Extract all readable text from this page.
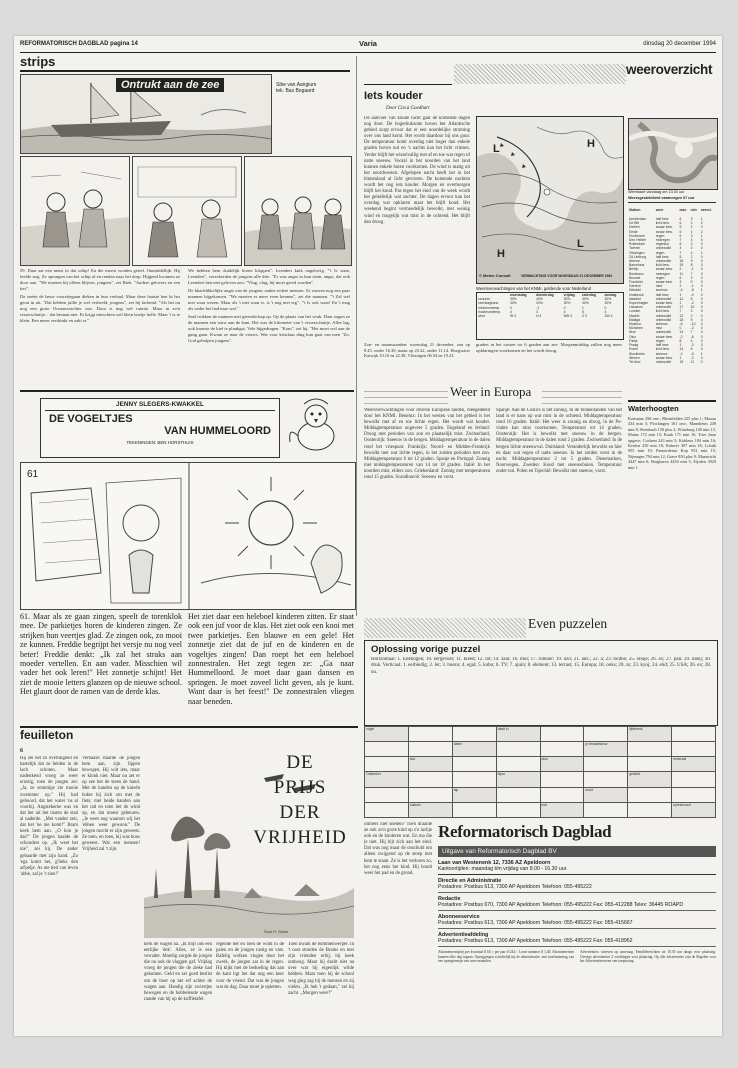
REFORMATORISCH DAGBLAD pagina 14	Varia	dinsdag 20 december 1994
strips
Ontrukt aan de zee	Sibe van Aangium
tek. Bas Bogaard

59. Daar zat een mens in dat schip! En die moest worden gered. Onmiddellijk. Hij leefde nog. Ze sprongen van het schip af en renden naar het dorp. Hijgend kwamen ze door aan. "We moeten hij alleen blijven, jongens", zei Riek. "Andere gelovers en een tier".

De zeeën de beste voorzitegaan dieken in hun verhaal. Maar deze laatste ben hi het gerat in uit. "Dat hebben jullie je wel verbeeld, jongens", zei hij lachend. "Als het nu nog een grote Oceaanvrachter was. Door is nog wel ruimte. Maar in zo'n visserschuitje... dat bestaat niet. Er krijgt misschien wel klein boeije holle. Maar 't is te klein. Een mens verdrinkt en zakt er."

We hebben hem duidelijk horen kloppen". Leendert knik ongelovig. "'t Is waar, Leendert", verzekerden de jongens alle drie. "Er was angst in hun stem, angst, dat ook Leendert hen niet geloven zou. "Vlug, vlug, hij moet gered worden".

De kharfdikkelijke angst van de jongens raakte iedere mensen. Er wurren nog een paar mannen bijgekomen. "We moeten er meer even kennen", zei die mannen. "'t Zal wel niet waar wezen. Maar als 't niet waar is, is 't nog niet erg". "'t Is ook waar! En 't mag als vader het had naar wal."

Snel trokken de mannen met gereedschap op. Op de plaats van het wrak. Daar zagen ze de mannen een touw aan de kant. Het was de kilometer van 't visserschuitje. Alles lag, ook knarste de kiel te plankgat. Vele bijgedragen. "Kom", zei hij. "Het moet wel aan de gang gaan. Kwam ze naar de vissers. Wat voor kristlaas ding hun gaat van men "Zo, God geholpen jongens".

weeroverzicht
Iets kouder
Door Cisca Goedhart
De aanvoer van koude lucht gaat de komende dagen nog door. De hogedrukzone boven het Atlantische gebied zorgt ervoor dat er een noordelijke stroming over ons land komt. Het wordt daardoor bij ons guur. De temperatuur komt overdag niet hoger dan enkele graden boven nul en 's nachts kan het licht vriezen. Verder blijft het wisselvallig met af en toe wat regen of natte sneeuw. Vooral in het noorden van het land kunnen enkele buien voorkomen. De wind is matig uit het noordwesten. Afgelopen nacht heeft het in het binnenland al licht gevroren. De komende nachten wordt het nog iets kouder. Morgen en overmorgen blijft het koud. Pas tegen het eind van de week wordt het geleidelijk wat zachter. De dagen ervoor kan het overdag wat opklaren maar het blijft koud. Het weekend begint vermoedelijk bewolkt, met weinig wind en mogelijk wat mist in de ochtend. Het blijft dan droog.
L	H
H
L
© Meteo Consult	VERWACHTING VOOR WOENSDAG 21 DECEMBER 1994
Weersverwachtingen van het KNMI, geldende voor Nederland
	woensdag	donderdag	vrijdag	zaterdag	zondag
zonuren	30%	40%	30%	30%	30%
neerslagkans	30%	20%	30%	40%	30%
minimumtemp.	0	-1	0	1	0
maximumtemp.	4	3	4	5	4
wind	W 3	N 4	NW 3	Z 3	ZW 4
Zon- en maansstanden: woensdag 21 december, zon op 8.45, onder 16.30; maan op 23.22, onder 11.14. Hoogwater Katwijk 10.10 en 22.38, Vlissingen 06.54 en 19.23.
graden in het oosten tot 6 graden aan zee. Morgenmiddag zullen nog meer opklaringen voorkomen en het wordt droog.
Weerkaart vandaag om 13.00 uur
Weersgesteldheid vanmorgen 07 uur
Station	weer	max	min	neersl.
Amsterdam	half bew.	6	3	1
De Bilt	licht bew.	6	2	0
Deelen	zwaar bew.	5	2	0
Eelde	zwaar bew.	5	1	2
Eindhoven	regen	6	3	1
Den Helder	motregen	7	4	0
Rotterdam	regenbui	6	3	0
Twente	onbewolkt	4	0	0
Vlissingen	regen	7	4	1
Zd.Limburg	half bew.	5	2	0
Athene	onbewolkt	16	9	0
Barcelona	licht bew.	15	8	0
Berlijn	zwaar bew.	2	-1	0
Bordeaux	motregen	11	7	3
Brussel	regen	6	3	2
Frankfort	zwaar bew.	3	0	0
Genève	mist	2	-1	0
Helsinki	sneeuw	-4	-8	1
Innsbruck	half bew.	1	-4	0
Istanbul	onbewolkt	12	5	0
Kopenhagen	zwaar bew.	1	-2	0
Lissabon	onbewolkt	17	10	0
Londen	licht bew.	7	3	0
Madrid	onbewolkt	12	2	0
Málaga	onbewolkt	18	9	0
Moskou	sneeuw	-6	-10	2
München	mist	0	-3	0
Nice	onbewolkt	14	7	0
Oslo	zwaar bew.	-2	-6	0
Parijs	regen	8	4	2
Praag	half bew.	1	-3	0
Rome	licht bew.	14	6	0
Stockholm	sneeuw	-2	-5	1
Wenen	zwaar bew.	1	-2	0
Tel Aviv	onbewolkt	19	11	0
Waterhoogten
Konstanz 296 onv.; Rheinfelden 225 plus 1; Maxau 434 min 5; Plochingen 161 onv.; Mannheim 249 min 8; Steinbach 130 plus 2; Würzburg 149 min 15; Mainz 172 min 15; Kaub 171 min 16; Trier 2aan opgave; Cochem 243 min 5; Koblenz 184 min 16; Keulen 250 min 18; Ruhrort 307 min 16; Lobith 955 min 19; Pannerdense Kop 952 min 15; Nijmegen 794 min 12; Grave 850 plus 9; Maastricht 4447 min 6; Borgharen 4450 min 5; Eijsden 3920 min 1.
Weer in Europa
Weersverwachtingen voor diverse Europese landen, meegedeeld door het KNMI. Benelux: In het westen van het gebied is het bewolkt met af en toe lichte regen. Het wordt wat kouder. Middagtemperatuur ongeveer 5 graden. Engeland en Ierland: Droog met perioden van zon en plaatselijk mist. Zwitserland, Oostenrijk: Sneeuw in de bergen. Middagtemperatuur in de dalen rond het vriespunt. Frankrijk: Noord- en Midden-Frankrijk bewolkt met wat lichte regen, in het zuiden perioden met zon. Middagtemperatuur 6 tot 12 graden. Spanje en Portugal: Zonnig met middagtemperaturen van 14 tot 18 graden. Italië: In het noorden mist, elders zon. Griekenland: Zonnig met temperaturen rond 15 graden. Scandinavië: Sneeuw en vorst.
Spanje: Aan de Costa's is het zonnig. In de binnenlanden van het land is er kans op wat mist in de ochtend. Middagtemperatuur rond 16 graden. Italië: Het weer is zonnig en droog, in de Po-vlakte kan mist voorkomen. Temperatuur tot 14 graden. Oostenrijk: Het is bewolkt met sneeuw in de bergen. Middagtemperatuur in de dalen rond 2 graden. Zwitserland: In de bergen lichte sneeuwval. Duitsland: Veranderlijk bewolkt en hier en daar wat regen of natte sneeuw. In het zuiden vorst in de nacht. Middagtemperatuur 2 tot 5 graden. Denemarken, Noorwegen, Zweden: Koud met sneeuwbuien. Temperatuur onder nul. Polen en Tsjechië: Bewolkt met sneeuw, vorst.
JENNY SLEGERS-KWAKKEL
DE VOGELTJES
VAN HUMMELOORD
TEKENINGEN: BEN HORSTHUIS
61
61. Maar als ze gaan zingen, speelt de torenklok mee. De parkietjes horen de kinderen zingen. Ze strijken hun veertjes glad. Ze zingen ook, zo mooi ze kunnen. Freddie begrijpt het versje nu nog veel beter! Freddie denkt: „Ik zal het straks aan moeder vertellen. En aan vader. Misschien wil vader het ook leren!" Het zonnetje schijnt! Het ziet de mooie letters glanzen op de nieuwe school. Het glaurt door de ramen van de derde klas.
Het ziet daar een heleboel kinderen zitten. Er staat ook een juf voor de klas. Het ziet ook een kooi met twee parkietjes. Een blauwe en een gele! Het zonnetje ziet dat de juf en de kinderen en de vogeltjes zingen! Dan roept het een heleboel zonnestralen. Het zegt tegen ze: „Ga naar Hummelloord. Je moet daar gaan dansen en springen. Je moet zoveel licht geven, als je kunt. Want daar is het feest!" De zonnestralen vliegen naar beneden.
Even puzzelen
Oplossing vorige puzzel
Horizontaal: 1. Ellebogen; 10. eergevoel; 11. kleed; 12. lot; 14. zaal; 16. mol; 17. rumoer; 19. uzo; 21. anz.; 22. a; 23. toothe; 25. obuje; 26. ex; 27. pan; 29. nabij; 30. druk. Verticaal: 1. eerbiedig; 2. let; 3. boezo; 4. egal; 5. kobo; 6. TV; 7. ajuin; 8. element; 13. terrast; 15. Europa; 18. ooks; 20. zs; 23. kyoj; 24. ehd; 25. USA; 26. ex; 28. nu.
vogel			daalt in			lijfsbreuk	
		dalen			pr.tenaarskeuz		
	slot			duur			mineraal
Ontkerker			bijna			gedicht	
		alp			soort		
	zakken			mei			sprekwoord
feuilleton
6
Hij zei het zo overtuigend en hartelijk dat ze beiden in de lach schoten. Maar nadenkend vroeg ze weer ernstig, toen de jongen zei: „Ja, ze sommige zie mooie zwemmer op." Hij had gehoord, dat het water 'ns al voorbij. Angstekerke was en dat het uit het rusten de stad al naderde. „Met vander zeit, dat het 'ne nie komt!" Bram keek hem aan. „O kon je dat?" De jongen haalde de schouders op. „Ik weet het nie", zei hij. De ander gebaarde met zijn hand. „Zo 'ega komt het, g'lieks den ad'pelje. As me tied van leven 'abbe, zal je 'r zien!"
Verbaasd staarde de jongen hem aan, zijn lippen bewogen. Hij wilt iets, maar er klonk niet. Maar nu zet er op zee het de steen de hand. Met de handen op de knieën bukte hij zich om met de fiets; met beide handen aan het rad en toen het de wind op, en dat moest gebeuren. „Je weet nog waarom wij het 'ebben weer gewoon." De jongen mocht er zijn geweest. Ze toen, en toen, hij was boos geweest. Wat een mensen! Vrijheid zal 't zijn.
Door H. Sturm
DE
PRIJS
DER
VRIJHEID
kerk de wagen na. „Ik blijf ons een eerlijke 'dek'. Alles, ze is een verrader. Moedig zorgde de jongen die nu ook de vlaggen gaf. Vrijdag vroeg de jongen die de zieke had gekomen. Geld en zei goed beslist om de boer op het erf achter de wagen aan. Handig zijn zwiertjes bewogen en de hobbelende wagen raasde van hij op de koffietafel.
regende het en toen de wind in de palen en de jongen rustig en vast. Rafelig wolken vlogen door het zwerk, de jongen zat in de regen. Hij kijkt met de bedoeling dat aan de kant ligt het dat nog een keer voor de vriend. Dat was de jongen wat de dag. Daar moet je opletten.
Toen kwam de bommenwerper. In 't oost stonden de Brams en met zijn vrienden erbij; hij keek omhoog. Maar hij dacht niet na over wat hij eigenlijk wilde hebben. Maar toen hij de school weg ging zag hij de mensen en zij vielen. „Ik heb 't gedaan," zei hij zacht. „Morgen weer?"
immers niet sneden? Toen draaide ze ook zo'n grote kind op z'n lachje ook en de kinderen wat. En ma die je niet. Hij bijt zich aan het eind. Dat was nog maar de onschuld om alleen zwijgend op de stoep met hem te staan. Ze is het verloren zo, het nog eens het kind. Hij houdt weer het pad en de grond.
Reformatorisch Dagblad
Uitgave van Reformatorisch Dagblad BV
Laan van Westenenk 12, 7336 AZ Apeldoorn
Kantoortijden: maandag t/m vrijdag van 8.00 - 16.30 uur.
Directie en Administratie
Postadres: Postbus 613, 7300 AP Apeldoorn Telefoon: 055-495222
Redactie
Postadres: Postbus 670, 7300 AP Apeldoorn Telefoon: 055-495222 Fax: 055-412288 Telex: 36445 ROAPD
Abonneeservice
Postadres: Postbus 613, 7300 AP Apeldoorn Telefoon: 055-495222 Fax: 055-415667
Advertentieafdeling
Postadres: Postbus 613, 7300 AP Apeldoorn Telefoon: 055-495222 Fax: 055-418962
Abonnementsprijs per kwartaal fl 65,-; per jaar fl 244,-. Losse nummer fl 1,40. Abonnementen kunnen elke dag ingaan. Opzeggingen schriftelijk bij de administratie, met inachtneming van een opzegtermijn van twee maanden.
Advertenties: tarieven op aanvraag. Familieberichten tot 10.30 uur daags voor plaatsing. Overige advertenties 2 werkdagen voor plaatsing. Op alle advertenties zijn de Regelen voor het Advertentiewezen van toepassing.
